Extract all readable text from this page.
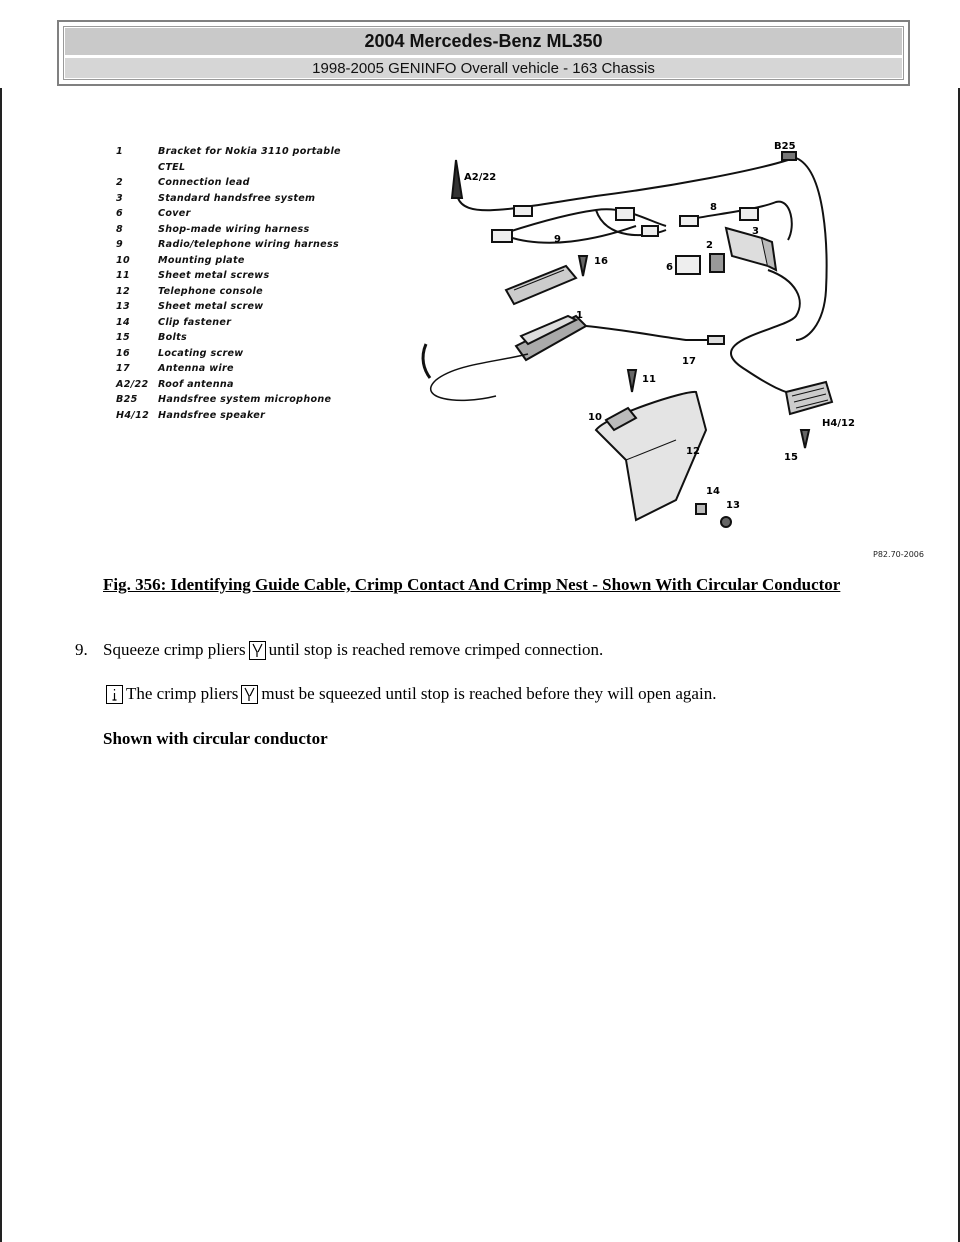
2004 Mercedes-Benz ML350
1998-2005 GENINFO Overall vehicle - 163 Chassis
1	Bracket for Nokia 3110 portable CTEL
2	Connection lead
3	Standard handsfree system
6	Cover
8	Shop-made wiring harness
9	Radio/telephone wiring harness
10	Mounting plate
11	Sheet metal screws
12	Telephone console
13	Sheet metal screw
14	Clip fastener
15	Bolts
16	Locating screw
17	Antenna wire
A2/22 Roof antenna
B25	Handsfree system microphone
H4/12 Handsfree speaker
A2/22
B25
8
3
2
6
9
16
1
17
11
10
12
14
13
15
H4/12
P82.70-2006
Fig. 356: Identifying Guide Cable, Crimp Contact And Crimp Nest - Shown With Circular Conductor
9. Squeeze crimp pliers until stop is reached remove crimped connection.
The crimp pliers must be squeezed until stop is reached before they will open again.
Shown with circular conductor
